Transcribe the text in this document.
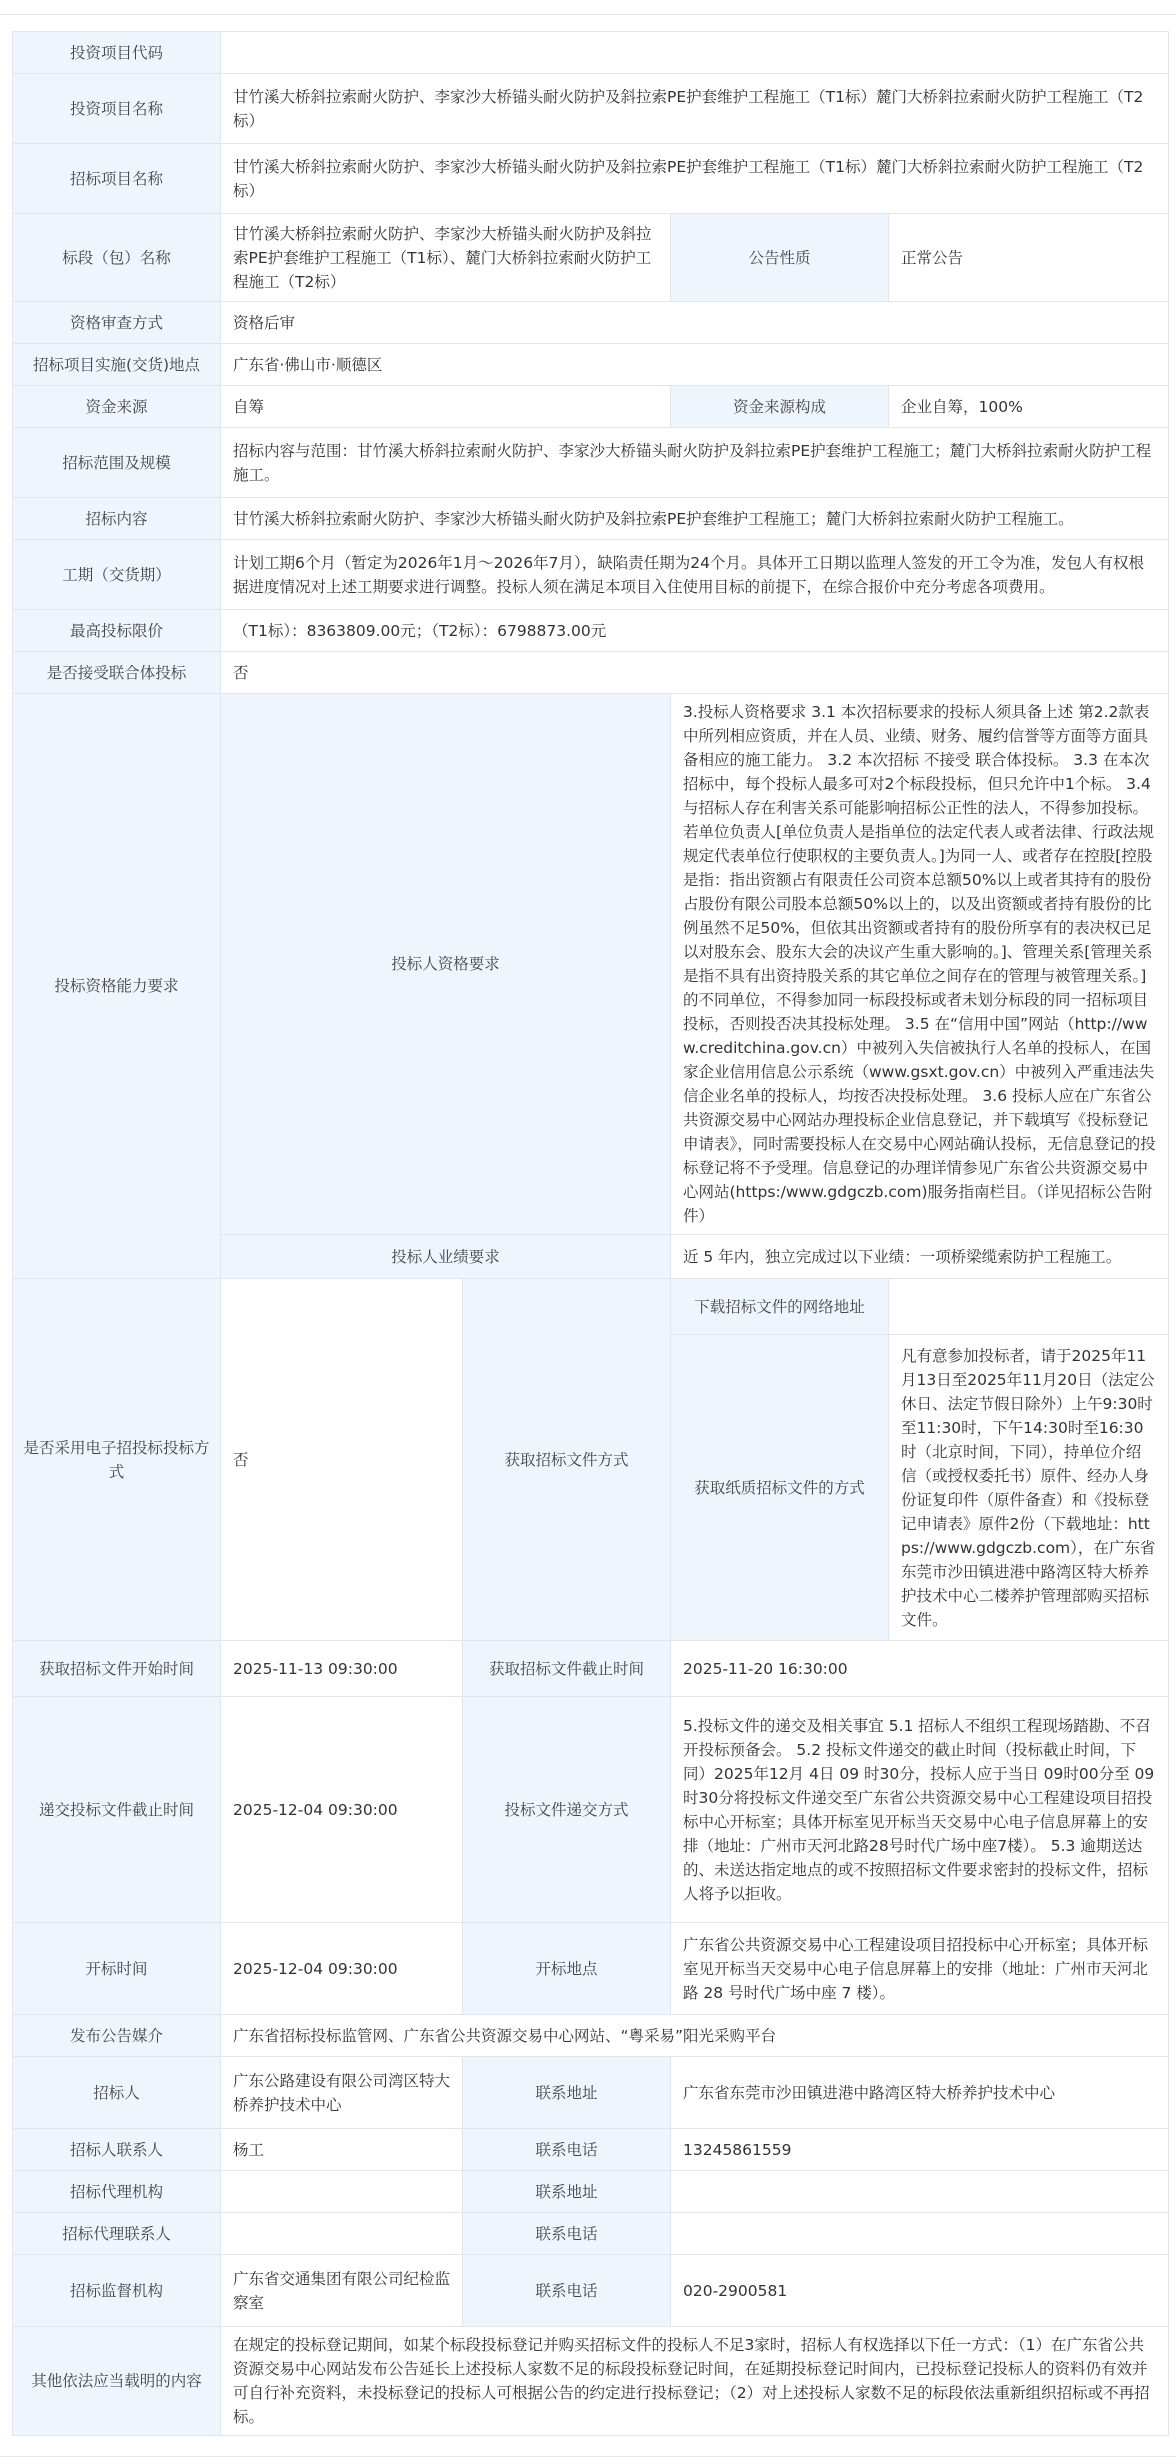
投资项目代码				
投资项目名称	甘竹溪大桥斜拉索耐火防护、李家沙大桥锚头耐火防护及斜拉索PE护套维护工程施工（T1标）麓门大桥斜拉索耐火防护工程施工（T2标）			
招标项目名称	甘竹溪大桥斜拉索耐火防护、李家沙大桥锚头耐火防护及斜拉索PE护套维护工程施工（T1标）麓门大桥斜拉索耐火防护工程施工（T2标）			
标段（包）名称	甘竹溪大桥斜拉索耐火防护、李家沙大桥锚头耐火防护及斜拉索PE护套维护工程施工（T1标）、麓门大桥斜拉索耐火防护工程施工（T2标）		公告性质	正常公告
资格审查方式	资格后审			
招标项目实施(交货)地点	广东省·佛山市·顺德区			
资金来源	自筹		资金来源构成	企业自筹，100%
招标范围及规模	招标内容与范围：甘竹溪大桥斜拉索耐火防护、李家沙大桥锚头耐火防护及斜拉索PE护套维护工程施工；麓门大桥斜拉索耐火防护工程施工。			
招标内容	甘竹溪大桥斜拉索耐火防护、李家沙大桥锚头耐火防护及斜拉索PE护套维护工程施工；麓门大桥斜拉索耐火防护工程施工。			
工期（交货期）	计划工期6个月（暂定为2026年1月～2026年7月），缺陷责任期为24个月。具体开工日期以监理人签发的开工令为准，发包人有权根据进度情况对上述工期要求进行调整。投标人须在满足本项目入住使用目标的前提下，在综合报价中充分考虑各项费用。			
最高投标限价	（T1标）：8363809.00元；（T2标）：6798873.00元			
是否接受联合体投标	否			
投标资格能力要求	投标人资格要求		3.投标人资格要求 3.1 本次招标要求的投标人须具备上述 第2.2款表中所列相应资质，并在人员、业绩、财务、履约信誉等方面等方面具备相应的施工能力。 3.2 本次招标 不接受 联合体投标。 3.3 在本次招标中，每个投标人最多可对2个标段投标，但只允许中1个标。 3.4 与招标人存在利害关系可能影响招标公正性的法人，不得参加投标。若单位负责人[单位负责人是指单位的法定代表人或者法律、行政法规规定代表单位行使职权的主要负责人。]为同一人、或者存在控股[控股是指：指出资额占有限责任公司资本总额50%以上或者其持有的股份占股份有限公司股本总额50%以上的，以及出资额或者持有股份的比例虽然不足50%，但依其出资额或者持有的股份所享有的表决权已足以对股东会、股东大会的决议产生重大影响的。]、管理关系[管理关系是指不具有出资持股关系的其它单位之间存在的管理与被管理关系。]的不同单位，不得参加同一标段投标或者未划分标段的同一招标项目投标，否则投否决其投标处理。 3.5 在“信用中国”网站（http://www.creditchina.gov.cn）中被列入失信被执行人名单的投标人，在国家企业信用信息公示系统（www.gsxt.gov.cn）中被列入严重违法失信企业名单的投标人，均按否决投标处理。 3.6 投标人应在广东省公共资源交易中心网站办理投标企业信息登记，并下载填写《投标登记申请表》，同时需要投标人在交易中心网站确认投标，无信息登记的投标登记将不予受理。信息登记的办理详情参见广东省公共资源交易中心网站(https:/www.gdgczb.com)服务指南栏目。（详见招标公告附件）	
	投标人业绩要求		近 5 年内，独立完成过以下业绩：一项桥梁缆索防护工程施工。	
是否采用电子招投标投标方式	否	获取招标文件方式	下载招标文件的网络地址	
			获取纸质招标文件的方式	凡有意参加投标者，请于2025年11月13日至2025年11月20日（法定公休日、法定节假日除外）上午9:30时至11:30时，下午14:30时至16:30时（北京时间，下同），持单位介绍信（或授权委托书）原件、经办人身份证复印件（原件备查）和《投标登记申请表》原件2份（下载地址：https://www.gdgczb.com），在广东省东莞市沙田镇进港中路湾区特大桥养护技术中心二楼养护管理部购买招标文件。
获取招标文件开始时间	2025-11-13 09:30:00	获取招标文件截止时间	2025-11-20 16:30:00	
递交投标文件截止时间	2025-12-04 09:30:00	投标文件递交方式	5.投标文件的递交及相关事宜 5.1 招标人不组织工程现场踏勘、不召开投标预备会。 5.2 投标文件递交的截止时间（投标截止时间，下同）2025年12月 4日 09 时30分，投标人应于当日 09时00分至 09 时30分将投标文件递交至广东省公共资源交易中心工程建设项目招投标中心开标室；具体开标室见开标当天交易中心电子信息屏幕上的安排（地址：广州市天河北路28号时代广场中座7楼）。 5.3 逾期送达的、未送达指定地点的或不按照招标文件要求密封的投标文件，招标人将予以拒收。	
开标时间	2025-12-04 09:30:00	开标地点	广东省公共资源交易中心工程建设项目招投标中心开标室；具体开标室见开标当天交易中心电子信息屏幕上的安排（地址：广州市天河北路 28 号时代广场中座 7 楼）。	
发布公告媒介	广东省招标投标监管网、广东省公共资源交易中心网站、“粤采易”阳光采购平台			
招标人	广东公路建设有限公司湾区特大桥养护技术中心	联系地址	广东省东莞市沙田镇进港中路湾区特大桥养护技术中心	
招标人联系人	杨工	联系电话	13245861559	
招标代理机构		联系地址		
招标代理联系人		联系电话		
招标监督机构	广东省交通集团有限公司纪检监察室	联系电话	020-2900581	
其他依法应当载明的内容	在规定的投标登记期间，如某个标段投标登记并购买招标文件的投标人不足3家时，招标人有权选择以下任一方式：（1）在广东省公共资源交易中心网站发布公告延长上述投标人家数不足的标段投标登记时间，在延期投标登记时间内，已投标登记投标人的资料仍有效并可自行补充资料，未投标登记的投标人可根据公告的约定进行投标登记；（2）对上述投标人家数不足的标段依法重新组织招标或不再招标。			
